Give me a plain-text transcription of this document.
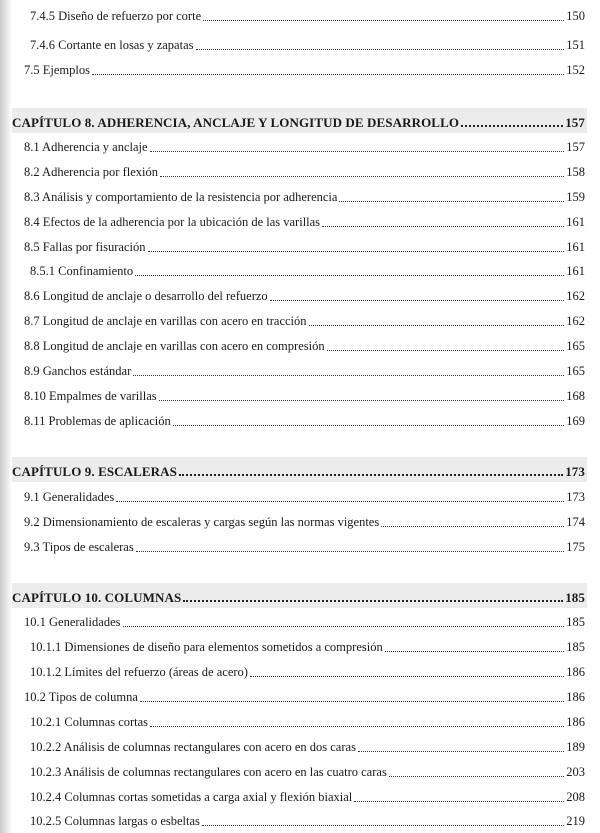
7.4.5 Diseño de refuerzo por corte	150
7.4.6 Cortante en losas y zapatas	151
7.5 Ejemplos	152
CAPÍTULO 8. ADHERENCIA, ANCLAJE Y LONGITUD DE DESARROLLO	157
8.1 Adherencia y anclaje	157
8.2 Adherencia por flexión	158
8.3 Análisis y comportamiento de la resistencia por adherencia	159
8.4 Efectos de la adherencia por la ubicación de las varillas	161
8.5 Fallas por fisuración	161
8.5.1 Confinamiento	161
8.6 Longitud de anclaje o desarrollo del refuerzo	162
8.7 Longitud de anclaje en varillas con acero en tracción	162
8.8 Longitud de anclaje en varillas con acero en compresión	165
8.9 Ganchos estándar	165
8.10 Empalmes de varillas	168
8.11 Problemas de aplicación	169
CAPÍTULO 9. ESCALERAS	173
9.1 Generalidades	173
9.2 Dimensionamiento de escaleras y cargas según las normas vigentes	174
9.3 Tipos de escaleras	175
CAPÍTULO 10. COLUMNAS	185
10.1 Generalidades	185
10.1.1 Dimensiones de diseño para elementos sometidos a compresión	185
10.1.2 Límites del refuerzo (áreas de acero)	186
10.2 Tipos de columna	186
10.2.1 Columnas cortas	186
10.2.2 Análisis de columnas rectangulares con acero en dos caras	189
10.2.3 Análisis de columnas rectangulares con acero en las cuatro caras	203
10.2.4 Columnas cortas sometidas a carga axial y flexión biaxial	208
10.2.5 Columnas largas o esbeltas	219
